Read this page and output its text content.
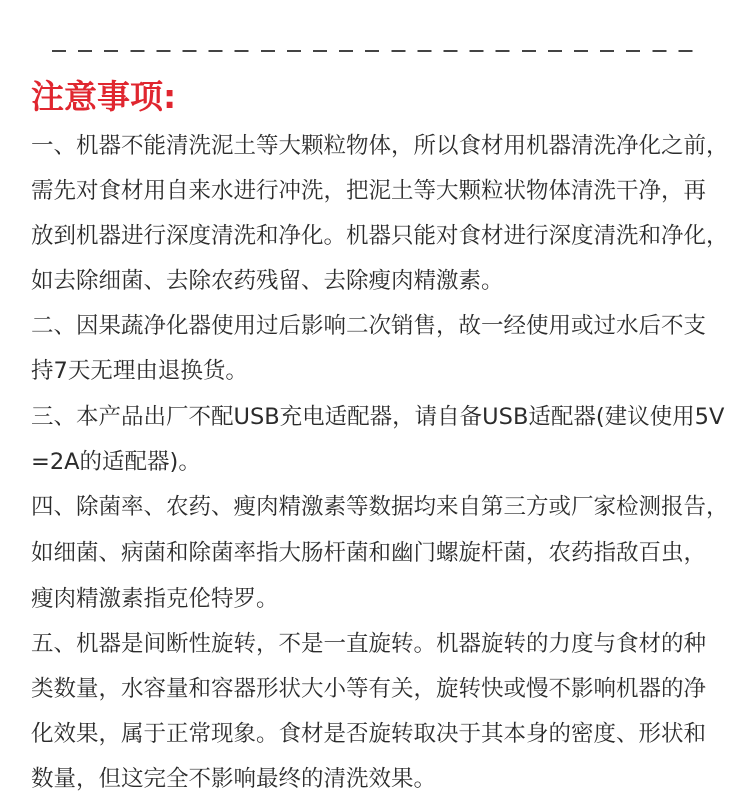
注意事项:

一、机器不能清洗泥土等大颗粒物体，所以食材用机器清洗净化之前，

需先对食材用自来水进行冲洗，把泥土等大颗粒状物体清洗干净，再

放到机器进行深度清洗和净化。机器只能对食材进行深度清洗和净化，

如去除细菌、去除农药残留、去除瘦肉精激素。

二、因果蔬净化器使用过后影响二次销售，故一经使用或过水后不支

持7天无理由退换货。

三、本产品出厂不配USB充电适配器，请自备USB适配器(建议使用5V

=2A的适配器)。

四、除菌率、农药、瘦肉精激素等数据均来自第三方或厂家检测报告，

如细菌、病菌和除菌率指大肠杆菌和幽门螺旋杆菌，农药指敌百虫，

瘦肉精激素指克伦特罗。

五、机器是间断性旋转，不是一直旋转。机器旋转的力度与食材的种

类数量，水容量和容器形状大小等有关，旋转快或慢不影响机器的净

化效果，属于正常现象。食材是否旋转取决于其本身的密度、形状和

数量，但这完全不影响最终的清洗效果。
